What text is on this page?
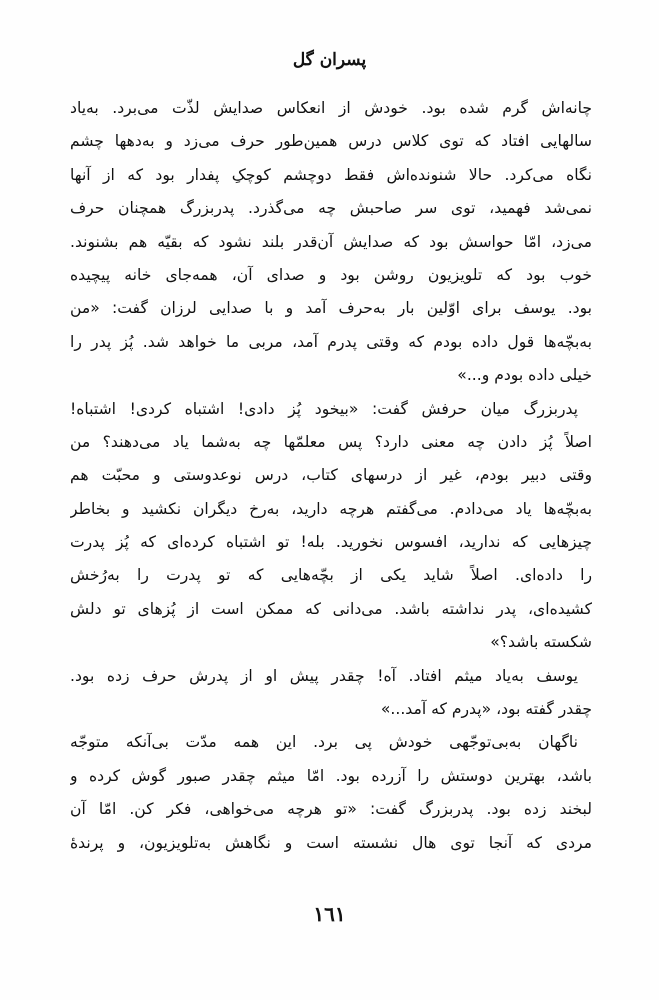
پسران گل
چانه‌اش گرم شده بود. خودش از انعکاس صدایش لذّت می‌برد. به‌یاد
سالهایی افتاد که توی کلاس درس همین‌طور حرف می‌زد و به‌دهها چشم
نگاه می‌کرد. حالا شنونده‌اش فقط دوچشم کوچکِ پفدار بود که از آنها
نمی‌شد فهمید، توی سر صاحبش چه می‌گذرد. پدربزرگ همچنان حرف
می‌زد، امّا حواسش بود که صدایش آن‌قدر بلند نشود که بقیّه هم بشنوند.
خوب بود که تلویزیون روشن بود و صدای آن، همه‌جای خانه پیچیده
بود. یوسف برای اوّلین بار به‌حرف آمد و با صدایی لرزان گفت: «من
به‌بچّه‌ها قول داده بودم که وقتی پدرم آمد، مربی ما خواهد شد. پُز پدر را
خیلی داده بودم و...»
پدربزرگ میان حرفش گفت: «بیخود پُز دادی! اشتباه کردی! اشتباه!
اصلاً پُز دادن چه معنی دارد؟ پس معلمّها چه به‌شما یاد می‌دهند؟ من
وقتی دبیر بودم، غیر از درسهای کتاب، درس نوعدوستی و محبّت هم
به‌بچّه‌ها یاد می‌دادم. می‌گفتم هرچه دارید، به‌رخ دیگران نکشید و بخاطر
چیزهایی که ندارید، افسوس نخورید. بله! تو اشتباه کرده‌ای که پُز پدرت
را داده‌ای. اصلاً شاید یکی از بچّه‌هایی که تو پدرت را به‌رُخش
کشیده‌ای، پدر نداشته باشد. می‌دانی که ممکن است از پُزهای تو دلش
شکسته باشد؟»
یوسف به‌یاد میثم افتاد. آه! چقدر پیش او از پدرش حرف زده بود.
چقدر گفته بود، «پدرم که آمد...»
ناگهان به‌بی‌توجّهی خودش پی برد. این همه مدّت بی‌آنکه متوجّه
باشد، بهترین دوستش را آزرده بود. امّا میثم چقدر صبور گوش کرده و
لبخند زده بود. پدربزرگ گفت: «تو هرچه می‌خواهی، فکر کن. امّا آن
مردی که آنجا توی هال نشسته است و نگاهش به‌تلویزیون، و پرندهٔ
١٦١
